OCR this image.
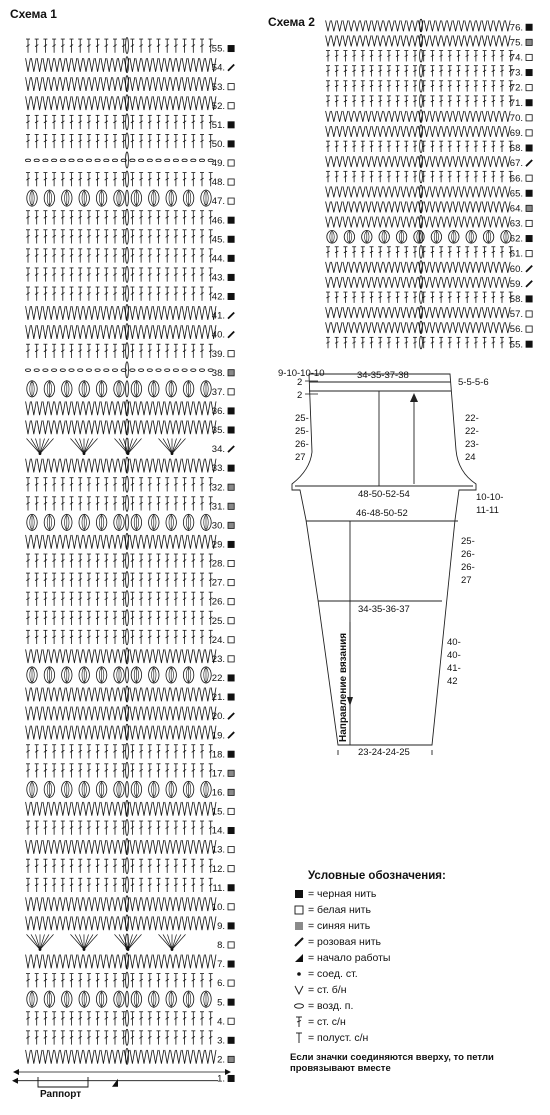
Схема 1
Схема 2
55.
54.
53.
52.
51.
50.
49.
48.
47.
46.
45.
44.
43.
42.
41.
40.
39.
38.
37.
36.
35.
34.
33.
32.
31.
30.
29.
28.
27.
26.
25.
24.
23.
22.
21.
20.
19.
18.
17.
16.
15.
14.
13.
12.
11.
10.
9.
8.
7.
6.
5.
4.
3.
2.
1.
76.
75.
74.
73.
72.
71.
70.
69.
68.
67.
66.
65.
64.
63.
62.
61.
60.
59.
58.
57.
56.
55.
34-35-37-38
9-10-10-10
5-5-5-6
2
2
48-50-52-54
46-48-50-52
34-35-36-37
23-24-24-25
Направление вязания
25-
25-
26-
27
22-
22-
23-
24
10-10-
11-11
25-
26-
26-
27
40-
40-
41-
42
Условные обозначения:
= черная нить
= белая нить
= синяя нить
= розовая нить
= начало работы
= соед. ст.
= ст. б/н
= возд. п.
= ст. с/н
= полуст. с/н
Если значки соединяются вверху, то петли провязывают вместе
Раппорт
